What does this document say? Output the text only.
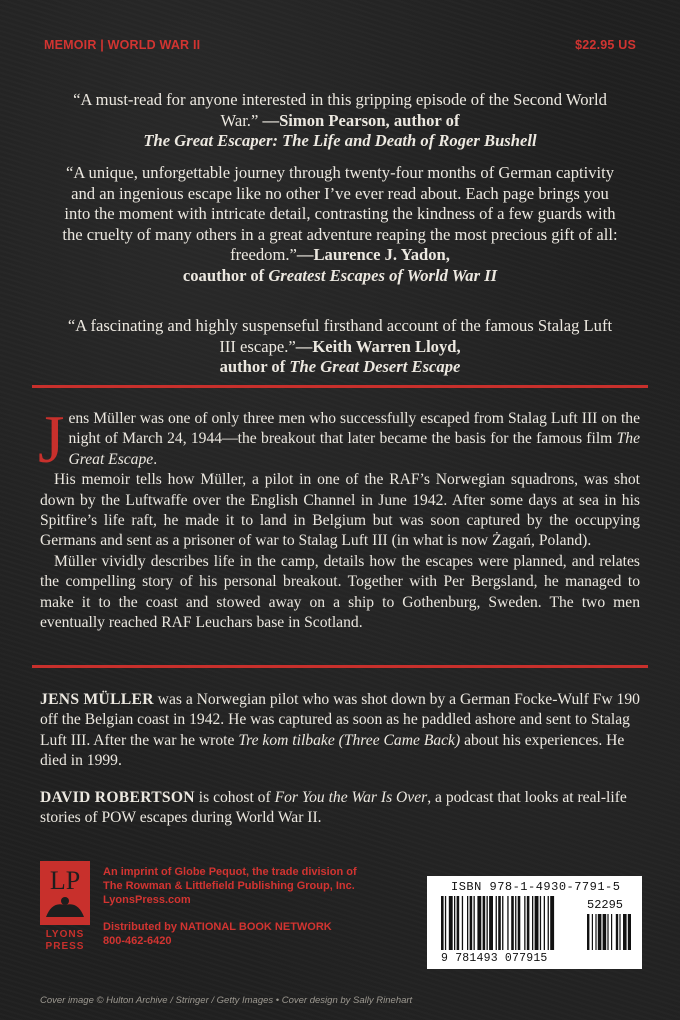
MEMOIR | WORLD WAR II	$22.95 US
“A must-read for anyone interested in this gripping episode of the Second World War.” —Simon Pearson, author of
The Great Escaper: The Life and Death of Roger Bushell
“A unique, unforgettable journey through twenty-four months of German captivity and an ingenious escape like no other I’ve ever read about. Each page brings you into the moment with intricate detail, contrasting the kindness of a few guards with the cruelty of many others in a great adventure reaping the most precious gift of all: freedom.”—Laurence J. Yadon,
coauthor of Greatest Escapes of World War II
“A fascinating and highly suspenseful firsthand account of the famous Stalag Luft III escape.”—Keith Warren Lloyd,
author of The Great Desert Escape

Jens Müller was one of only three men who successfully escaped from Stalag Luft III on the night of March 24, 1944—the breakout that later became the basis for the famous film The Great Escape.

His memoir tells how Müller, a pilot in one of the RAF’s Norwegian squadrons, was shot down by the Luftwaffe over the English Channel in June 1942. After some days at sea in his Spitfire’s life raft, he made it to land in Belgium but was soon captured by the occupying Germans and sent as a prisoner of war to Stalag Luft III (in what is now Żagań, Poland).

Müller vividly describes life in the camp, details how the escapes were planned, and relates the compelling story of his personal breakout. Together with Per Bergsland, he managed to make it to the coast and stowed away on a ship to Gothenburg, Sweden. The two men eventually reached RAF Leuchars base in Scotland.

JENS MÜLLER was a Norwegian pilot who was shot down by a German Focke-Wulf Fw 190 off the Belgian coast in 1942. He was captured as soon as he paddled ashore and sent to Stalag Luft III. After the war he wrote Tre kom tilbake (Three Came Back) about his experiences. He died in 1999.

DAVID ROBERTSON is cohost of For You the War Is Over, a podcast that looks at real-life stories of POW escapes during World War II.

LP
LYONS
PRESS
An imprint of Globe Pequot, the trade division of
The Rowman & Littlefield Publishing Group, Inc.
LyonsPress.com
Distributed by NATIONAL BOOK NETWORK
800-462-6420
ISBN 978-1-4930-7791-5
52295
9 781493 077915
Cover image © Hulton Archive / Stringer / Getty Images • Cover design by Sally Rinehart
